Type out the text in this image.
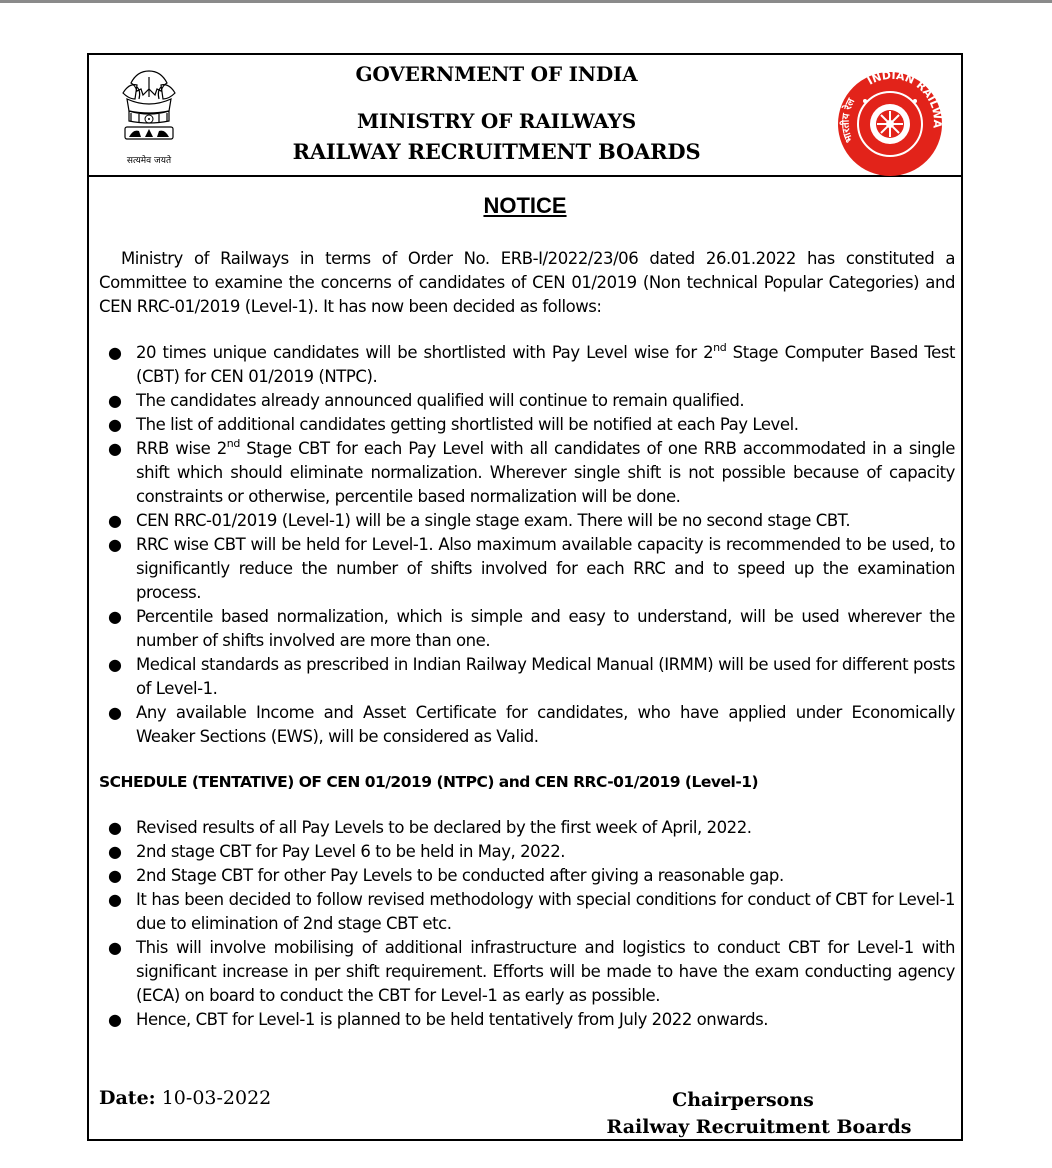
सत्यमेव जयते
GOVERNMENT OF INDIA
MINISTRY OF RAILWAYS
RAILWAY RECRUITMENT BOARDS
INDIAN RAILWA
भारतीय रेल
NOTICE

Ministry of Railways in terms of Order No. ERB-I/2022/23/06 dated 26.01.2022 has constituted a Committee to examine the concerns of candidates of CEN 01/2019 (Non technical Popular Categories) and CEN RRC-01/2019 (Level-1). It has now been decided as follows:

● 20 times unique candidates will be shortlisted with Pay Level wise for 2nd Stage Computer Based Test (CBT) for CEN 01/2019 (NTPC).
● The candidates already announced qualified will continue to remain qualified.
● The list of additional candidates getting shortlisted will be notified at each Pay Level.
● RRB wise 2nd Stage CBT for each Pay Level with all candidates of one RRB accommodated in a single shift which should eliminate normalization. Wherever single shift is not possible because of capacity constraints or otherwise, percentile based normalization will be done.
● CEN RRC-01/2019 (Level-1) will be a single stage exam. There will be no second stage CBT.
● RRC wise CBT will be held for Level-1. Also maximum available capacity is recommended to be used, to significantly reduce the number of shifts involved for each RRC and to speed up the examination process.
● Percentile based normalization, which is simple and easy to understand, will be used wherever the number of shifts involved are more than one.
● Medical standards as prescribed in Indian Railway Medical Manual (IRMM) will be used for different posts of Level-1.
● Any available Income and Asset Certificate for candidates, who have applied under Economically Weaker Sections (EWS), will be considered as Valid.
SCHEDULE (TENTATIVE) OF CEN 01/2019 (NTPC) and CEN RRC-01/2019 (Level-1)
● Revised results of all Pay Levels to be declared by the first week of April, 2022.
● 2nd stage CBT for Pay Level 6 to be held in May, 2022.
● 2nd Stage CBT for other Pay Levels to be conducted after giving a reasonable gap.
● It has been decided to follow revised methodology with special conditions for conduct of CBT for Level-1 due to elimination of 2nd stage CBT etc.
● This will involve mobilising of additional infrastructure and logistics to conduct CBT for Level-1 with significant increase in per shift requirement. Efforts will be made to have the exam conducting agency (ECA) on board to conduct the CBT for Level-1 as early as possible.
● Hence, CBT for Level-1 is planned to be held tentatively from July 2022 onwards.
Date: 10-03-2022	Chairpersons
Railway Recruitment Boards
